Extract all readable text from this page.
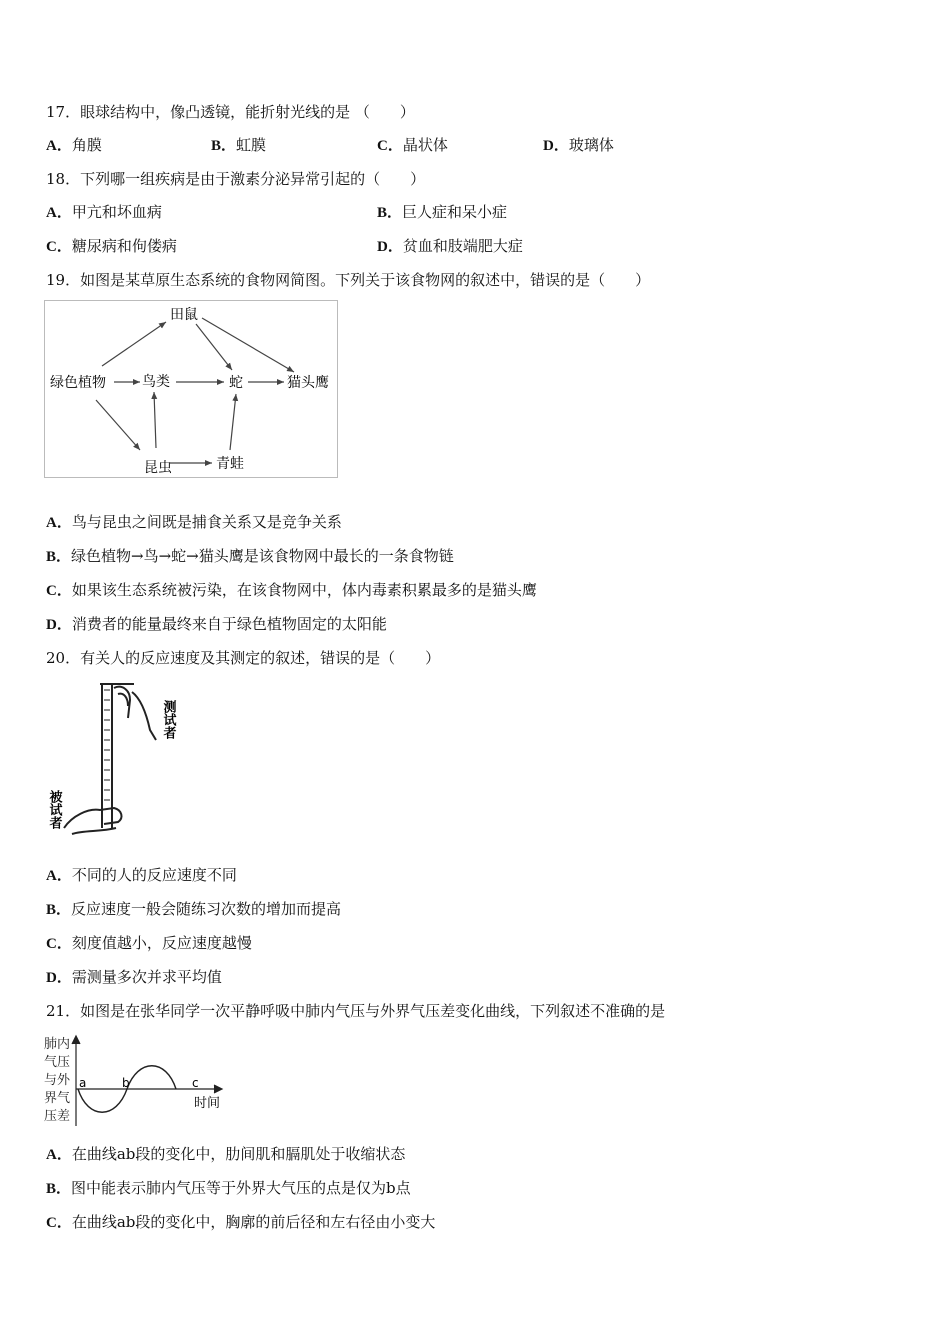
17．眼球结构中，像凸透镜，能折射光线的是 （　　）
A．角膜	B．虹膜	C．晶状体	D．玻璃体
18．下列哪一组疾病是由于激素分泌异常引起的（　　）
A．甲亢和坏血病	B．巨人症和呆小症
C．糖尿病和佝偻病	D．贫血和肢端肥大症
19．如图是某草原生态系统的食物网简图。下列关于该食物网的叙述中，错误的是（　　）
田鼠
绿色植物	鸟类	蛇	猫头鹰
昆虫	青蛙
A．鸟与昆虫之间既是捕食关系又是竞争关系
B．绿色植物→鸟→蛇→猫头鹰是该食物网中最长的一条食物链
C．如果该生态系统被污染，在该食物网中，体内毒素积累最多的是猫头鹰
D．消费者的能量最终来自于绿色植物固定的太阳能
20．有关人的反应速度及其测定的叙述，错误的是（　　）
测试者
被试者
A．不同的人的反应速度不同
B．反应速度一般会随练习次数的增加而提高
C．刻度值越小，反应速度越慢
D．需测量多次并求平均值
21．如图是在张华同学一次平静呼吸中肺内气压与外界气压差变化曲线，下列叙述不准确的是
肺内
气压
与外
界气
压差
a	b	c
时间
A．在曲线ab段的变化中，肋间肌和膈肌处于收缩状态
B．图中能表示肺内气压等于外界大气压的点是仅为b点
C．在曲线ab段的变化中，胸廓的前后径和左右径由小变大
